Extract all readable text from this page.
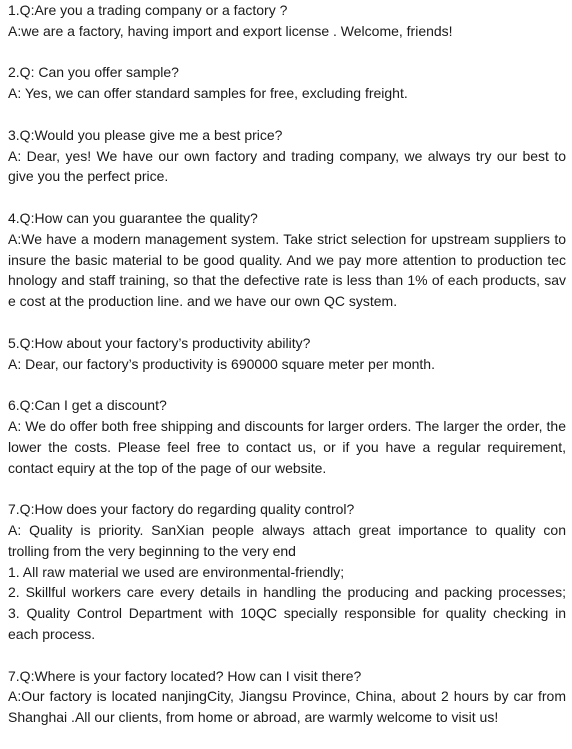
1.Q:Are you a trading company or a factory ?
A:we are a factory, having import and export license . Welcome, friends!
2.Q: Can you offer sample?
A: Yes, we can offer standard samples for free, excluding freight.
3.Q:Would you please give me a best price?
A: Dear, yes! We have our own factory and trading company, we always try our best to
give you the perfect price.
4.Q:How can you guarantee the quality?
A:We have a modern management system. Take strict selection for upstream suppliers to
insure the basic material to be good quality. And we pay more attention to production tec
hnology and staff training, so that the defective rate is less than 1% of each products, sav
e cost at the production line. and we have our own QC system.
5.Q:How about your factory’s productivity ability?
A: Dear, our factory’s productivity is 690000 square meter per month.
6.Q:Can I get a discount?
A: We do offer both free shipping and discounts for larger orders. The larger the order, the
lower the costs. Please feel free to contact us, or if you have a regular requirement,
contact equiry at the top of the page of our website.
7.Q:How does your factory do regarding quality control?
A: Quality is priority. SanXian people always attach great importance to quality con
trolling from the very beginning to the very end
1. All raw material we used are environmental-friendly;
2. Skillful workers care every details in handling the producing and packing processes;
3. Quality Control Department with 10QC specially responsible for quality checking in
each process.
7.Q:Where is your factory located? How can I visit there?
A:Our factory is located nanjingCity, Jiangsu Province, China, about 2 hours by car from
Shanghai .All our clients, from home or abroad, are warmly welcome to visit us!
